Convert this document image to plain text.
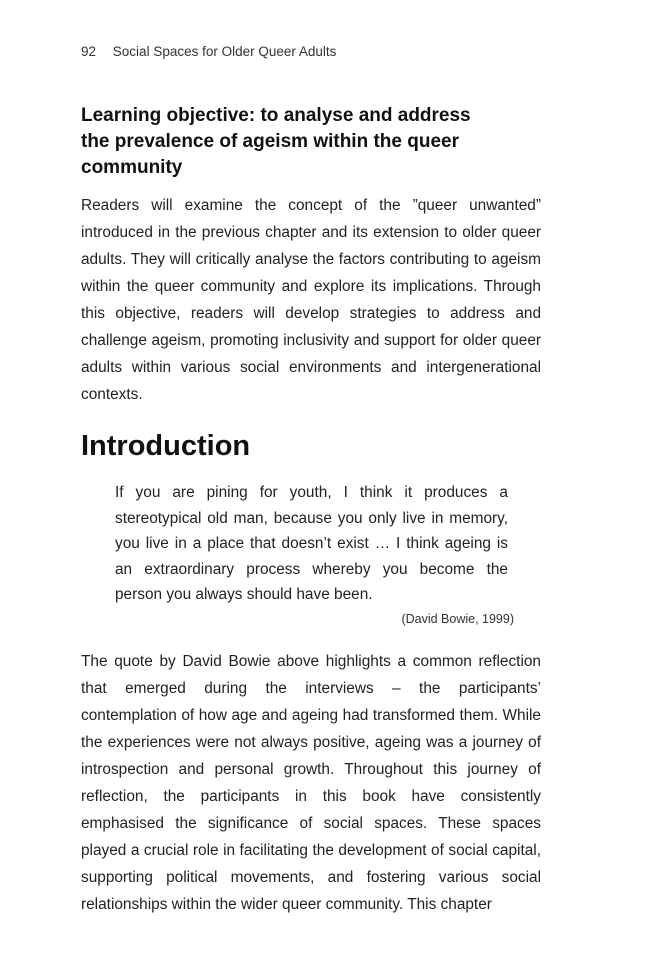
92 Social Spaces for Older Queer Adults
Learning objective: to analyse and address the prevalence of ageism within the queer community

Readers will examine the concept of the ”queer unwanted” introduced in the previous chapter and its extension to older queer adults. They will critically analyse the factors contributing to ageism within the queer community and explore its implications. Through this objective, readers will develop strategies to address and challenge ageism, promoting inclusivity and support for older queer adults within various social environments and intergenerational contexts.

Introduction

If you are pining for youth, I think it produces a stereotypical old man, because you only live in memory, you live in a place that doesn’t exist … I think ageing is an extraordinary process whereby you become the person you always should have been.

(David Bowie, 1999)

The quote by David Bowie above highlights a common reflection that emerged during the interviews – the participants’ contemplation of how age and ageing had transformed them. While the experiences were not always positive, ageing was a journey of introspection and personal growth. Throughout this journey of reflection, the participants in this book have consistently emphasised the significance of social spaces. These spaces played a crucial role in facilitating the development of social capital, supporting political movements, and fostering various social relationships within the wider queer community. This chapter
